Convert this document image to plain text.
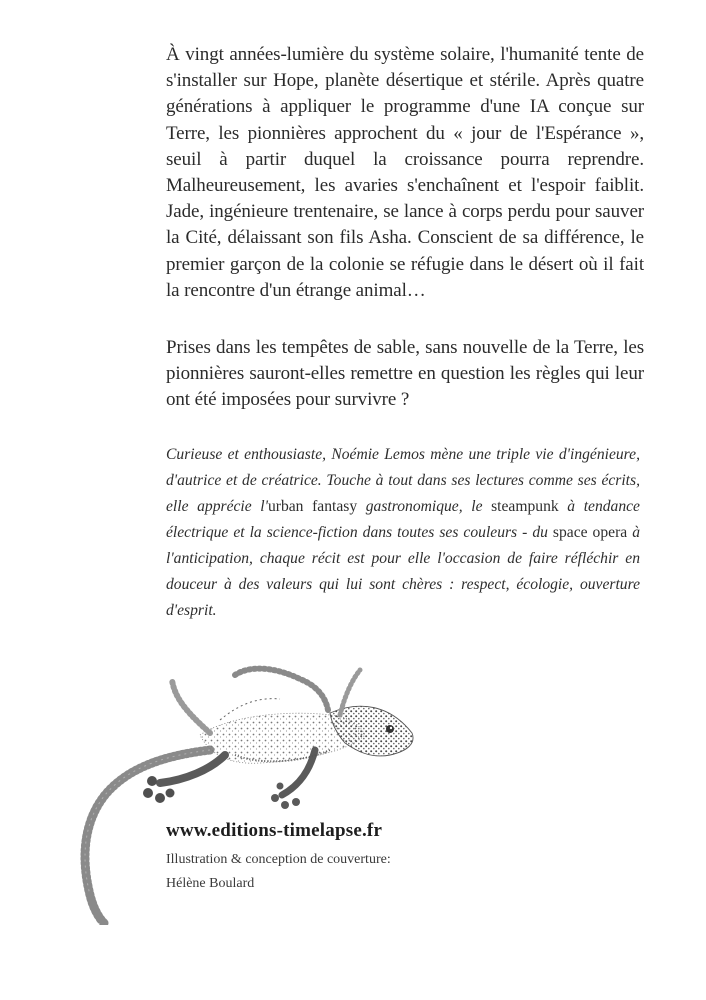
À vingt années-lumière du système solaire, l'humanité tente de s'installer sur Hope, planète désertique et stérile. Après quatre générations à appliquer le programme d'une IA conçue sur Terre, les pionnières approchent du « jour de l'Espérance », seuil à partir duquel la croissance pourra reprendre. Malheureusement, les avaries s'enchaînent et l'espoir faiblit. Jade, ingénieure trentenaire, se lance à corps perdu pour sauver la Cité, délaissant son fils Asha. Conscient de sa différence, le premier garçon de la colonie se réfugie dans le désert où il fait la rencontre d'un étrange animal…

Prises dans les tempêtes de sable, sans nouvelle de la Terre, les pionnières sauront-elles remettre en question les règles qui leur ont été imposées pour survivre ?

Curieuse et enthousiaste, Noémie Lemos mène une triple vie d'ingénieure, d'autrice et de créatrice. Touche à tout dans ses lectures comme ses écrits, elle apprécie l'urban fantasy gastronomique, le steampunk à tendance électrique et la science-fiction dans toutes ses couleurs - du space opera à l'anticipation, chaque récit est pour elle l'occasion de faire réfléchir en douceur à des valeurs qui lui sont chères : respect, écologie, ouverture d'esprit.

www.editions-timelapse.fr

Illustration & conception de couverture:

Hélène Boulard
